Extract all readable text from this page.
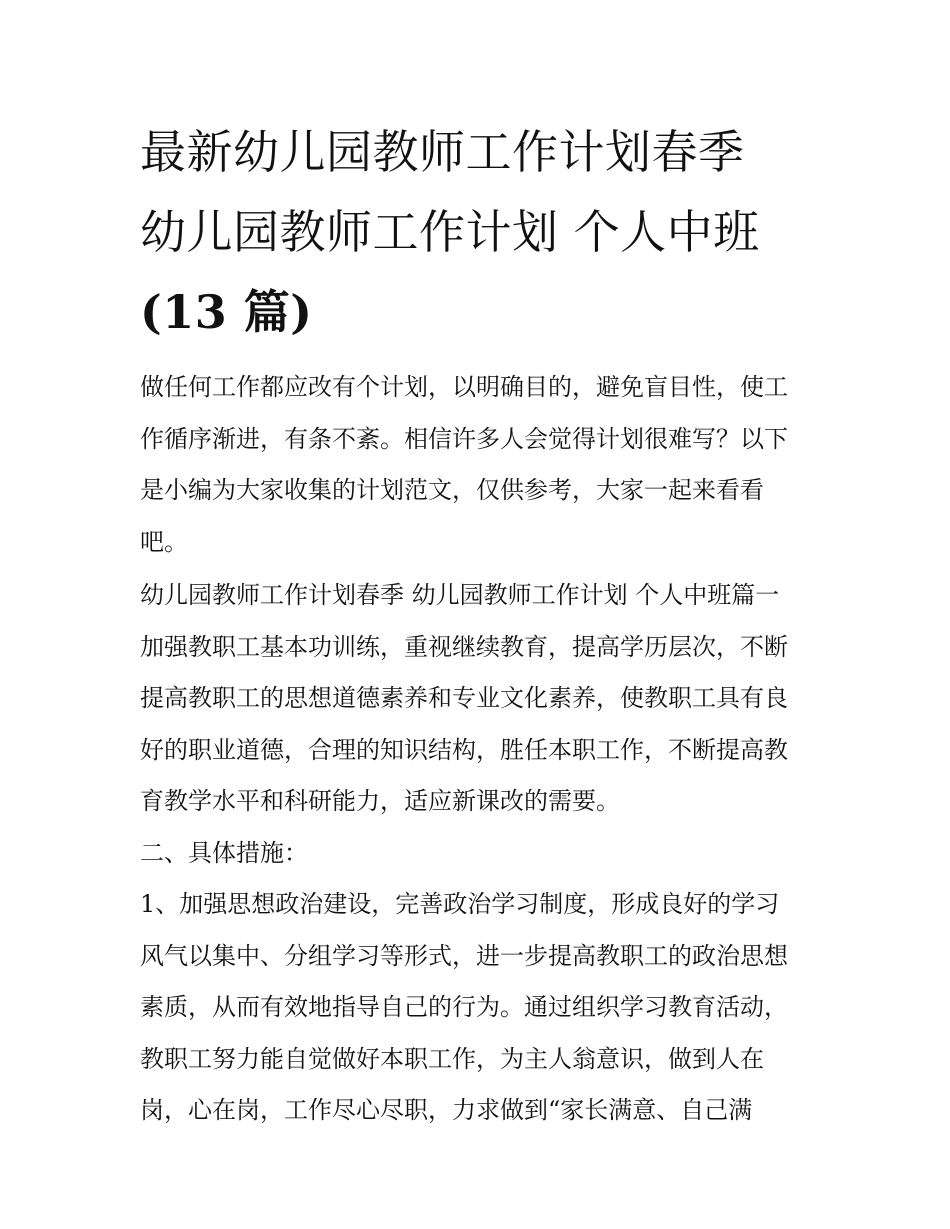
最新幼儿园教师工作计划春季
幼儿园教师工作计划 个人中班
(13 篇)

做任何工作都应改有个计划，以明确目的，避免盲目性，使工
作循序渐进，有条不紊。相信许多人会觉得计划很难写？以下
是小编为大家收集的计划范文，仅供参考，大家一起来看看
吧。

幼儿园教师工作计划春季 幼儿园教师工作计划 个人中班篇一

加强教职工基本功训练，重视继续教育，提高学历层次，不断
提高教职工的思想道德素养和专业文化素养，使教职工具有良
好的职业道德，合理的知识结构，胜任本职工作，不断提高教
育教学水平和科研能力，适应新课改的需要。

二、具体措施：

1、加强思想政治建设，完善政治学习制度，形成良好的学习
风气以集中、分组学习等形式，进一步提高教职工的政治思想
素质，从而有效地指导自己的行为。通过组织学习教育活动，
教职工努力能自觉做好本职工作，为主人翁意识，做到人在
岗，心在岗，工作尽心尽职，力求做到“家长满意、自己满
